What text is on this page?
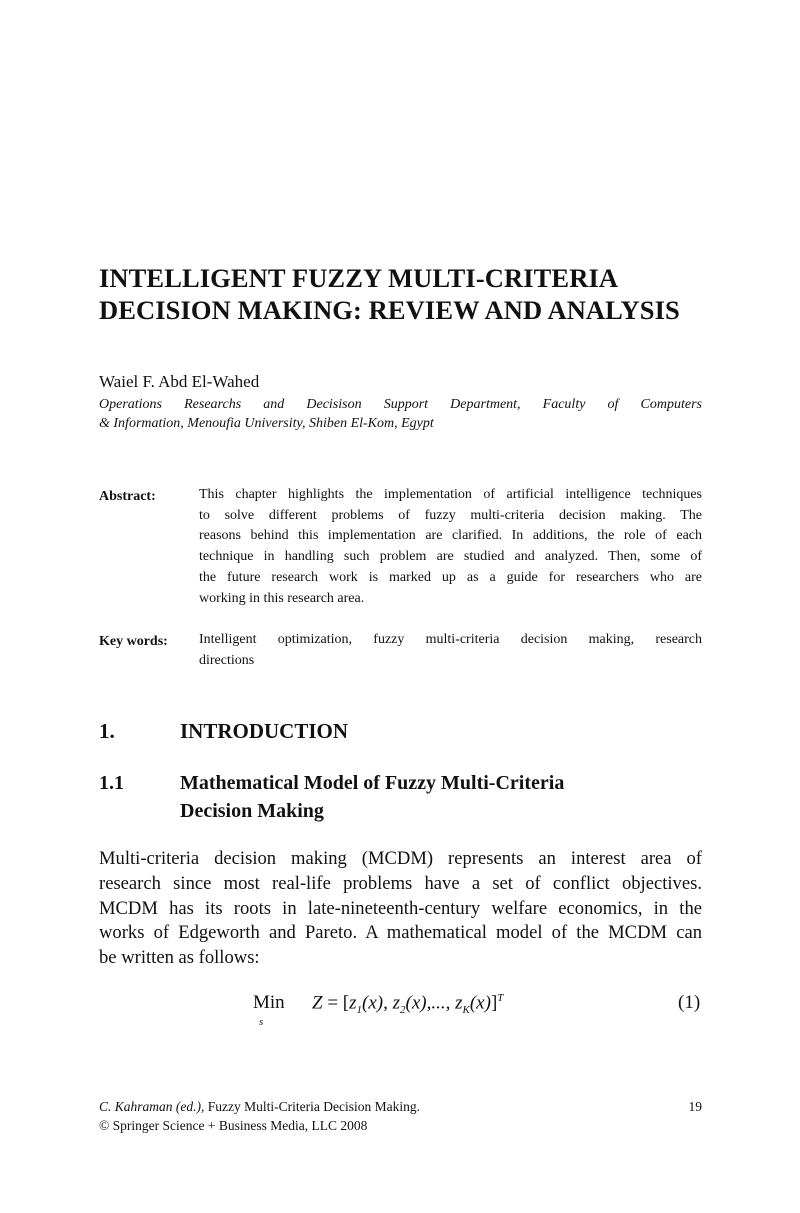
INTELLIGENT FUZZY MULTI-CRITERIA
DECISION MAKING: REVIEW AND ANALYSIS
Waiel F. Abd El-Wahed
Operations Researchs and Decisison Support Department, Faculty of Computers
& Information, Menoufia University, Shiben El-Kom, Egypt
Abstract:	This chapter highlights the implementation of artificial intelligence techniques
to solve different problems of fuzzy multi-criteria decision making. The
reasons behind this implementation are clarified. In additions, the role of each
technique in handling such problem are studied and analyzed. Then, some of
the future research work is marked up as a guide for researchers who are
working in this research area.
Key words: Intelligent optimization, fuzzy multi-criteria decision making, research
directions
1.	INTRODUCTION
1.1	Mathematical Model of Fuzzy Multi-Criteria
Decision Making
Multi-criteria decision making (MCDM) represents an interest area of
research since most real-life problems have a set of conflict objectives.
MCDM has its roots in late-nineteenth-century welfare economics, in the
works of Edgeworth and Pareto. A mathematical model of the MCDM can
be written as follows:
Min
s
$Z = [z_1(x)$, $z_2(x)$,..., $z_K(x)]^T$	(1)
C. Kahraman (ed.), Fuzzy Multi-Criteria Decision Making.	19
© Springer Science + Business Media, LLC 2008
